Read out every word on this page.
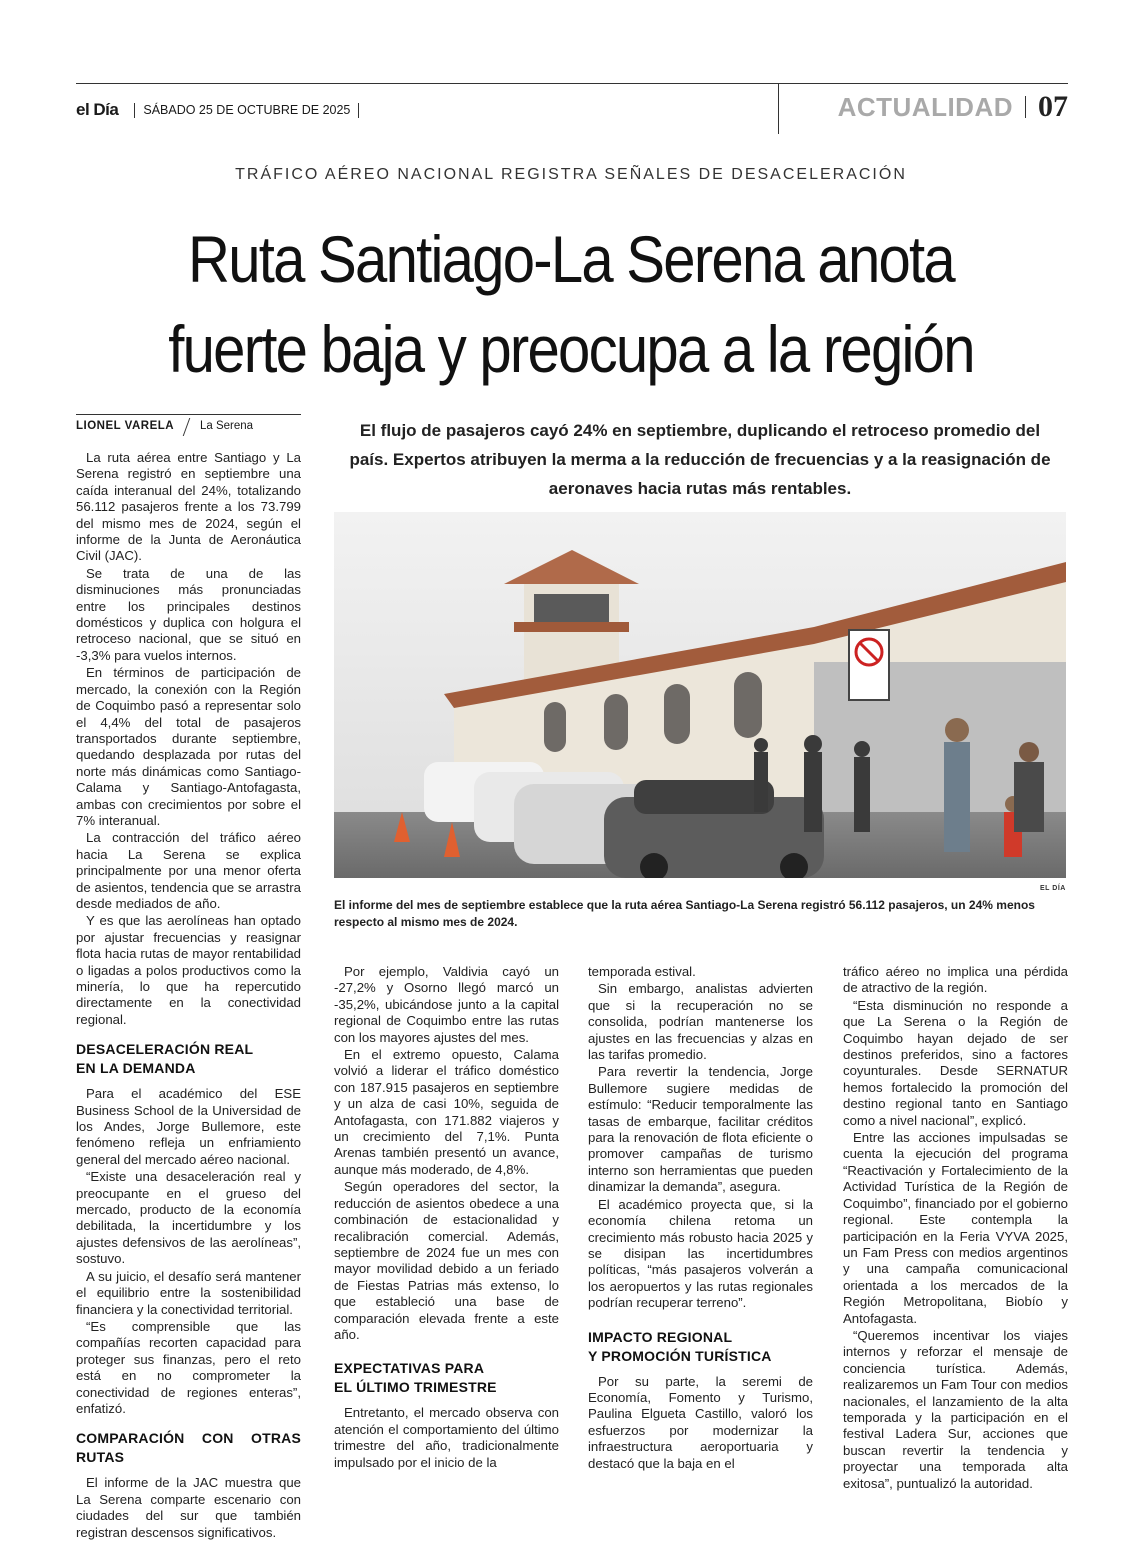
el Día SÁBADO 25 DE OCTUBRE DE 2025	ACTUALIDAD 07
TRÁFICO AÉREO NACIONAL REGISTRA SEÑALES DE DESACELERACIÓN
Ruta Santiago-La Serena anota
fuerte baja y preocupa a la región
LIONEL VARELA La Serena

La ruta aérea entre Santiago y La Serena registró en septiembre una caída interanual del 24%, totalizando 56.112 pasajeros frente a los 73.799 del mismo mes de 2024, según el informe de la Junta de Aeronáutica Civil (JAC).

Se trata de una de las disminuciones más pronunciadas entre los principales destinos domésticos y duplica con holgura el retroceso nacional, que se situó en -3,3% para vuelos internos.

En términos de participación de mercado, la conexión con la Región de Coquimbo pasó a representar solo el 4,4% del total de pasajeros transportados durante septiembre, quedando desplazada por rutas del norte más dinámicas como Santiago-Calama y Santiago-Antofagasta, ambas con crecimientos por sobre el 7% interanual.

La contracción del tráfico aéreo hacia La Serena se explica principalmente por una menor oferta de asientos, tendencia que se arrastra desde mediados de año.

Y es que las aerolíneas han optado por ajustar frecuencias y reasignar flota hacia rutas de mayor rentabilidad o ligadas a polos productivos como la minería, lo que ha repercutido directamente en la conectividad regional.

DESACELERACIÓN REAL
EN LA DEMANDA

Para el académico del ESE Business School de la Universidad de los Andes, Jorge Bullemore, este fenómeno refleja un enfriamiento general del mercado aéreo nacional.

“Existe una desaceleración real y preocupante en el grueso del mercado, producto de la economía debilitada, la incertidumbre y los ajustes defensivos de las aerolíneas”, sostuvo.

A su juicio, el desafío será mantener el equilibrio entre la sostenibilidad financiera y la conectividad territorial.

“Es comprensible que las compañías recorten capacidad para proteger sus finanzas, pero el reto está en no comprometer la conectividad de regiones enteras”, enfatizó.

COMPARACIÓN CON OTRAS RUTAS

El informe de la JAC muestra que La Serena comparte escenario con ciudades del sur que también registran descensos significativos.

El flujo de pasajeros cayó 24% en septiembre, duplicando el retroceso promedio del país. Expertos atribuyen la merma a la reducción de frecuencias y a la reasignación de aeronaves hacia rutas más rentables.
EL DÍA
El informe del mes de septiembre establece que la ruta aérea Santiago-La Serena registró 56.112 pasajeros, un 24% menos respecto al mismo mes de 2024.

Por ejemplo, Valdivia cayó un -27,2% y Osorno llegó marcó un -35,2%, ubicándose junto a la capital regional de Coquimbo entre las rutas con los mayores ajustes del mes.

En el extremo opuesto, Calama volvió a liderar el tráfico doméstico con 187.915 pasajeros en septiembre y un alza de casi 10%, seguida de Antofagasta, con 171.882 viajeros y un crecimiento del 7,1%. Punta Arenas también presentó un avance, aunque más moderado, de 4,8%.

Según operadores del sector, la reducción de asientos obedece a una combinación de estacionalidad y recalibración comercial. Además, septiembre de 2024 fue un mes con mayor movilidad debido a un feriado de Fiestas Patrias más extenso, lo que estableció una base de comparación elevada frente a este año.

EXPECTATIVAS PARA
EL ÚLTIMO TRIMESTRE

Entretanto, el mercado observa con atención el comportamiento del último trimestre del año, tradicionalmente impulsado por el inicio de la

temporada estival.

Sin embargo, analistas advierten que si la recuperación no se consolida, podrían mantenerse los ajustes en las frecuencias y alzas en las tarifas promedio.

Para revertir la tendencia, Jorge Bullemore sugiere medidas de estímulo: “Reducir temporalmente las tasas de embarque, facilitar créditos para la renovación de flota eficiente o promover campañas de turismo interno son herramientas que pueden dinamizar la demanda”, asegura.

El académico proyecta que, si la economía chilena retoma un crecimiento más robusto hacia 2025 y se disipan las incertidumbres políticas, “más pasajeros volverán a los aeropuertos y las rutas regionales podrían recuperar terreno”.

IMPACTO REGIONAL
Y PROMOCIÓN TURÍSTICA

Por su parte, la seremi de Economía, Fomento y Turismo, Paulina Elgueta Castillo, valoró los esfuerzos por modernizar la infraestructura aeroportuaria y destacó que la baja en el

tráfico aéreo no implica una pérdida de atractivo de la región.

“Esta disminución no responde a que La Serena o la Región de Coquimbo hayan dejado de ser destinos preferidos, sino a factores coyunturales. Desde SERNATUR hemos fortalecido la promoción del destino regional tanto en Santiago como a nivel nacional”, explicó.

Entre las acciones impulsadas se cuenta la ejecución del programa “Reactivación y Fortalecimiento de la Actividad Turística de la Región de Coquimbo”, financiado por el gobierno regional. Este contempla la participación en la Feria VYVA 2025, un Fam Press con medios argentinos y una campaña comunicacional orientada a los mercados de la Región Metropolitana, Biobío y Antofagasta.

“Queremos incentivar los viajes internos y reforzar el mensaje de conciencia turística. Además, realizaremos un Fam Tour con medios nacionales, el lanzamiento de la alta temporada y la participación en el festival Ladera Sur, acciones que buscan revertir la tendencia y proyectar una temporada alta exitosa”, puntualizó la autoridad.
